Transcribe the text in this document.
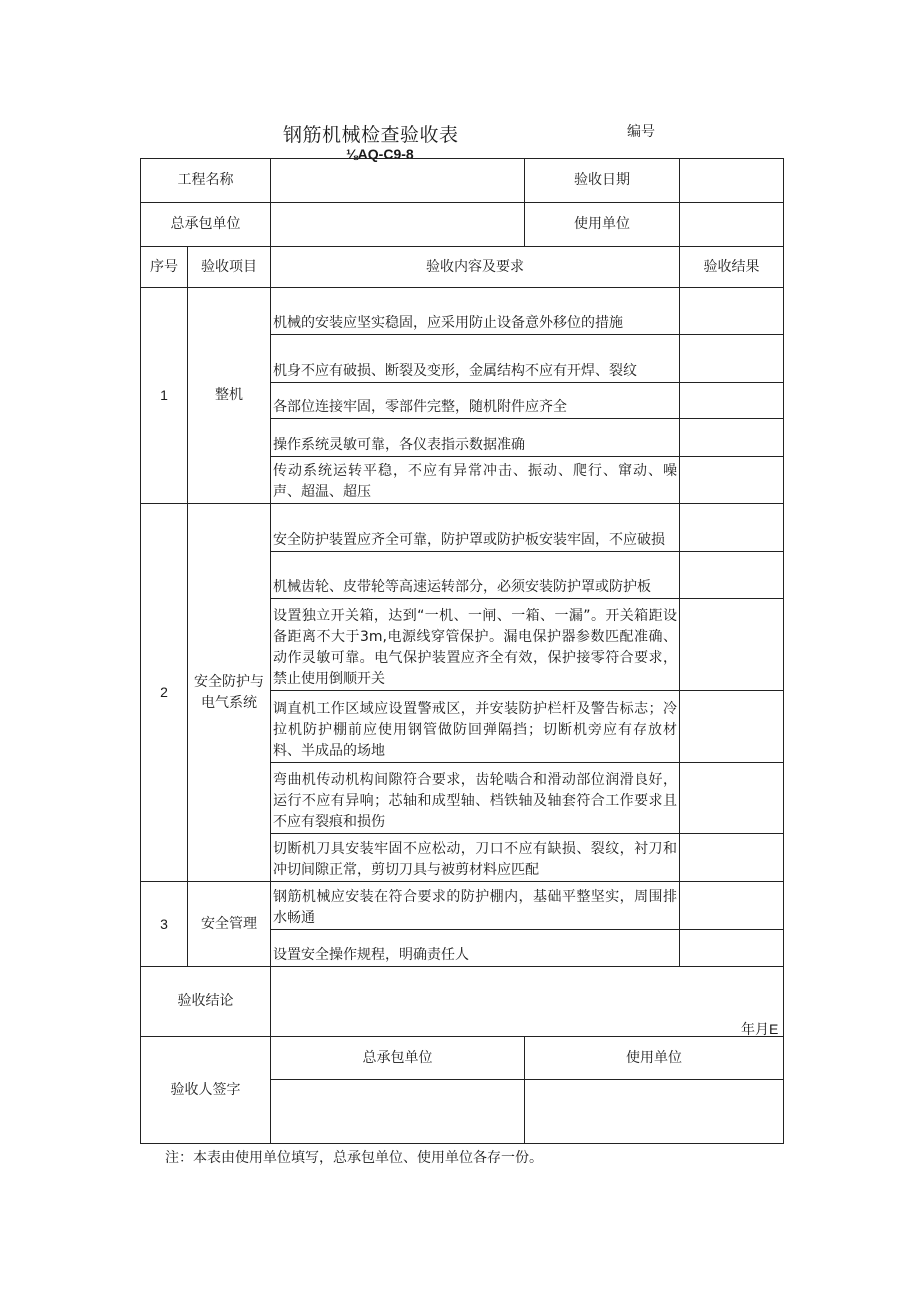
钢筋机械检查验收表
⅛AQ-C9-8
编号
工程名称			验收日期	
总承包单位			使用单位	
序号	验收项目	验收内容及要求		验收结果
1	整机	机械的安装应坚实稳固，应采用防止设备意外移位的措施		
		机身不应有破损、断裂及变形，金属结构不应有开焊、裂纹		
		各部位连接牢固，零部件完整，随机附件应齐全		
		操作系统灵敏可靠，各仪表指示数据准确		
		传动系统运转平稳，不应有异常冲击、振动、爬行、窜动、噪声、超温、超压		
2	安全防护与电气系统	安全防护装置应齐全可靠，防护罩或防护板安装牢固，不应破损		
		机械齿轮、皮带轮等高速运转部分，必须安装防护罩或防护板		
		设置独立开关箱，达到“一机、一闸、一箱、一漏”。开关箱距设备距离不大于3m,电源线穿管保护。漏电保护器参数匹配准确、动作灵敏可靠。电气保护装置应齐全有效，保护接零符合要求，禁止使用倒顺开关		
		调直机工作区域应设置警戒区，并安装防护栏杆及警告标志；冷拉机防护棚前应使用钢管做防回弹隔挡；切断机旁应有存放材料、半成品的场地		
		弯曲机传动机构间隙符合要求，齿轮啮合和滑动部位润滑良好，运行不应有异响；芯轴和成型轴、档铁轴及轴套符合工作要求且不应有裂痕和损伤		
		切断机刀具安装牢固不应松动，刀口不应有缺损、裂纹，衬刀和冲切间隙正常，剪切刀具与被剪材料应匹配		
3	安全管理	钢筋机械应安装在符合要求的防护棚内，基础平整坚实，周围排水畅通		
		设置安全操作规程，明确责任人		
验收结论				
验收人签字		总承包单位	使用单位	

年月E
注：本表由使用单位填写，总承包单位、使用单位各存一份。
